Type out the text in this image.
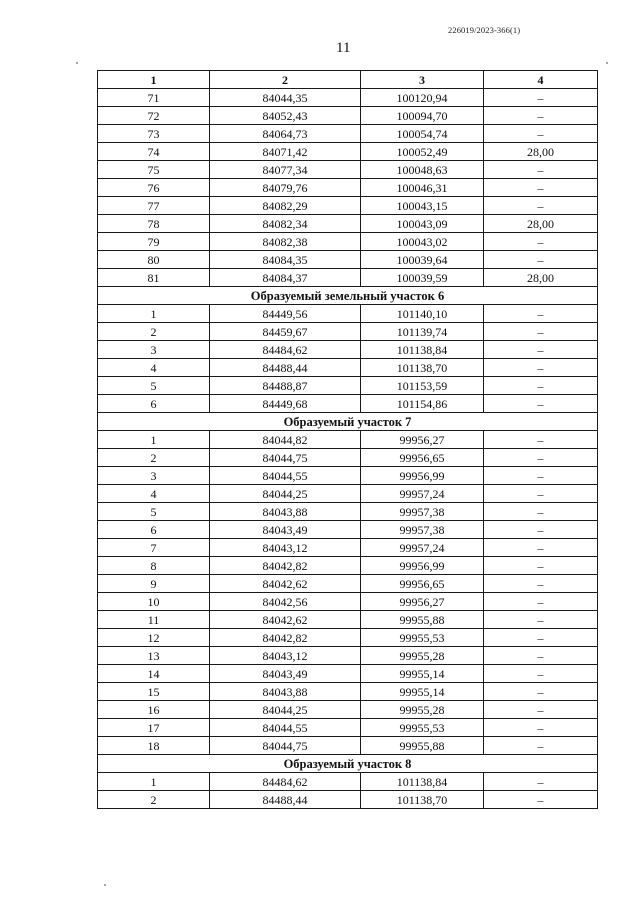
226019/2023-366(1)
11
1	2	3	4
71	84044,35	100120,94	–
72	84052,43	100094,70	–
73	84064,73	100054,74	–
74	84071,42	100052,49	28,00
75	84077,34	100048,63	–
76	84079,76	100046,31	–
77	84082,29	100043,15	–
78	84082,34	100043,09	28,00
79	84082,38	100043,02	–
80	84084,35	100039,64	–
81	84084,37	100039,59	28,00
Образуемый земельный участок 6			
1	84449,56	101140,10	–
2	84459,67	101139,74	–
3	84484,62	101138,84	–
4	84488,44	101138,70	–
5	84488,87	101153,59	–
6	84449,68	101154,86	–
Образуемый участок 7			
1	84044,82	99956,27	–
2	84044,75	99956,65	–
3	84044,55	99956,99	–
4	84044,25	99957,24	–
5	84043,88	99957,38	–
6	84043,49	99957,38	–
7	84043,12	99957,24	–
8	84042,82	99956,99	–
9	84042,62	99956,65	–
10	84042,56	99956,27	–
11	84042,62	99955,88	–
12	84042,82	99955,53	–
13	84043,12	99955,28	–
14	84043,49	99955,14	–
15	84043,88	99955,14	–
16	84044,25	99955,28	–
17	84044,55	99955,53	–
18	84044,75	99955,88	–
Образуемый участок 8			
1	84484,62	101138,84	–
2	84488,44	101138,70	–
